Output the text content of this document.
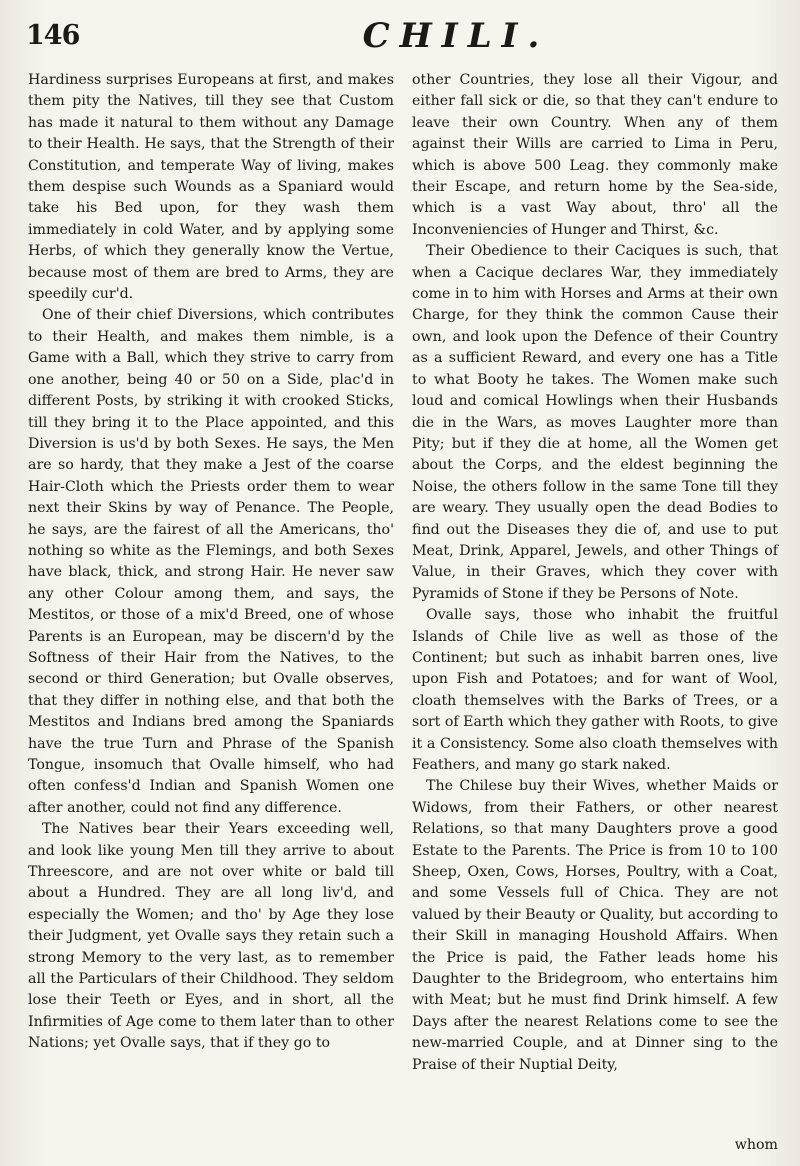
146	CHILI.

Hardiness surprises Europeans at first, and makes them pity the Natives, till they see that Custom has made it natural to them without any Damage to their Health. He says, that the Strength of their Constitution, and temperate Way of living, makes them despise such Wounds as a Spaniard would take his Bed upon, for they wash them immediately in cold Water, and by applying some Herbs, of which they generally know the Vertue, because most of them are bred to Arms, they are speedily cur'd.

One of their chief Diversions, which contributes to their Health, and makes them nimble, is a Game with a Ball, which they strive to carry from one another, being 40 or 50 on a Side, plac'd in different Posts, by striking it with crooked Sticks, till they bring it to the Place appointed, and this Diversion is us'd by both Sexes. He says, the Men are so hardy, that they make a Jest of the coarse Hair-Cloth which the Priests order them to wear next their Skins by way of Penance. The People, he says, are the fairest of all the Americans, tho' nothing so white as the Flemings, and both Sexes have black, thick, and strong Hair. He never saw any other Colour among them, and says, the Mestitos, or those of a mix'd Breed, one of whose Parents is an European, may be discern'd by the Softness of their Hair from the Natives, to the second or third Generation; but Ovalle observes, that they differ in nothing else, and that both the Mestitos and Indians bred among the Spaniards have the true Turn and Phrase of the Spanish Tongue, insomuch that Ovalle himself, who had often confess'd Indian and Spanish Women one after another, could not find any difference.

The Natives bear their Years exceeding well, and look like young Men till they arrive to about Threescore, and are not over white or bald till about a Hundred. They are all long liv'd, and especially the Women; and tho' by Age they lose their Judgment, yet Ovalle says they retain such a strong Memory to the very last, as to remember all the Particulars of their Childhood. They seldom lose their Teeth or Eyes, and in short, all the Infirmities of Age come to them later than to other Nations; yet Ovalle says, that if they go to

other Countries, they lose all their Vigour, and either fall sick or die, so that they can't endure to leave their own Country. When any of them against their Wills are carried to Lima in Peru, which is above 500 Leag. they commonly make their Escape, and return home by the Sea-side, which is a vast Way about, thro' all the Inconveniencies of Hunger and Thirst, &c.

Their Obedience to their Caciques is such, that when a Cacique declares War, they immediately come in to him with Horses and Arms at their own Charge, for they think the common Cause their own, and look upon the Defence of their Country as a sufficient Reward, and every one has a Title to what Booty he takes. The Women make such loud and comical Howlings when their Husbands die in the Wars, as moves Laughter more than Pity; but if they die at home, all the Women get about the Corps, and the eldest beginning the Noise, the others follow in the same Tone till they are weary. They usually open the dead Bodies to find out the Diseases they die of, and use to put Meat, Drink, Apparel, Jewels, and other Things of Value, in their Graves, which they cover with Pyramids of Stone if they be Persons of Note.

Ovalle says, those who inhabit the fruitful Islands of Chile live as well as those of the Continent; but such as inhabit barren ones, live upon Fish and Potatoes; and for want of Wool, cloath themselves with the Barks of Trees, or a sort of Earth which they gather with Roots, to give it a Consistency. Some also cloath themselves with Feathers, and many go stark naked.

The Chilese buy their Wives, whether Maids or Widows, from their Fathers, or other nearest Relations, so that many Daughters prove a good Estate to the Parents. The Price is from 10 to 100 Sheep, Oxen, Cows, Horses, Poultry, with a Coat, and some Vessels full of Chica. They are not valued by their Beauty or Quality, but according to their Skill in managing Houshold Affairs. When the Price is paid, the Father leads home his Daughter to the Bridegroom, who entertains him with Meat; but he must find Drink himself. A few Days after the nearest Relations come to see the new-married Couple, and at Dinner sing to the Praise of their Nuptial Deity,

whom
